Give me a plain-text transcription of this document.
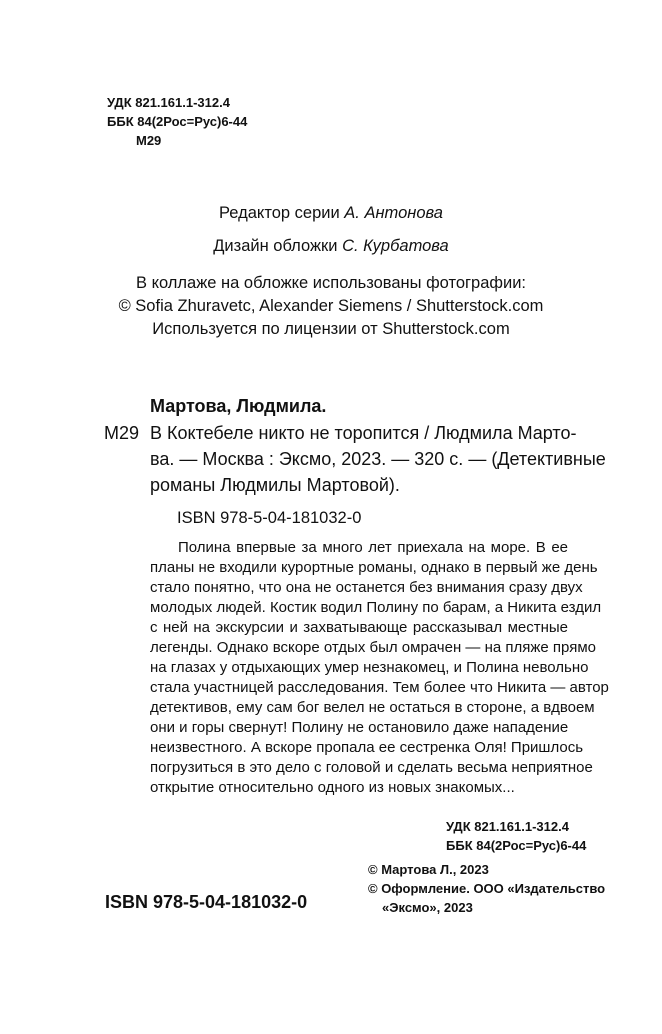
УДК 821.161.1-312.4
ББК 84(2Рос=Рус)6-44
М29
Редактор серии А. Антонова
Дизайн обложки С. Курбатова
В коллаже на обложке использованы фотографии:
© Sofia Zhuravetc, Alexander Siemens / Shutterstock.com
Используется по лицензии от Shutterstock.com
Мартова, Людмила.
М29 В Коктебеле никто не торопится / Людмила Марто-
ва. — Москва : Эксмо, 2023. — 320 с. — (Детективные
романы Людмилы Мартовой).
ISBN 978-5-04-181032-0
Полина впервые за много лет приехала на море. В ее
планы не входили курортные романы, однако в первый же день
стало понятно, что она не останется без внимания сразу двух
молодых людей. Костик водил Полину по барам, а Никита ездил
с ней на экскурсии и захватывающе рассказывал местные
легенды. Однако вскоре отдых был омрачен — на пляже прямо
на глазах у отдыхающих умер незнакомец, и Полина невольно
стала участницей расследования. Тем более что Никита — автор
детективов, ему сам бог велел не остаться в стороне, а вдвоем
они и горы свернут! Полину не остановило даже нападение
неизвестного. А вскоре пропала ее сестренка Оля! Пришлось
погрузиться в это дело с головой и сделать весьма неприятное
открытие относительно одного из новых знакомых...
УДК 821.161.1-312.4
ББК 84(2Рос=Рус)6-44
© Мартова Л., 2023
© Оформление. ООО «Издательство
«Эксмо», 2023
ISBN 978-5-04-181032-0
